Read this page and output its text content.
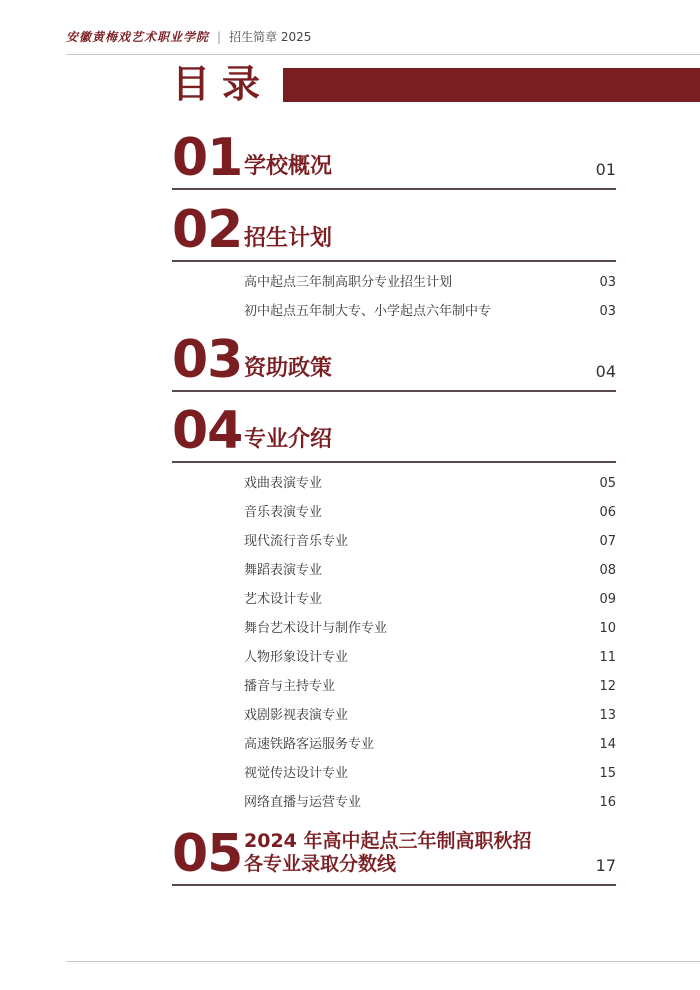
安徽黄梅戏艺术职业学院 | 招生简章 2025
目录
01 学校概况	01
02 招生计划
高中起点三年制高职分专业招生计划	03
初中起点五年制大专、小学起点六年制中专	03
03 资助政策	04
04 专业介绍
戏曲表演专业	05
音乐表演专业	06
现代流行音乐专业	07
舞蹈表演专业	08
艺术设计专业	09
舞台艺术设计与制作专业	10
人物形象设计专业	11
播音与主持专业	12
戏剧影视表演专业	13
高速铁路客运服务专业	14
视觉传达设计专业	15
网络直播与运营专业	16
05 2024 年高中起点三年制高职秋招
各专业录取分数线	17
